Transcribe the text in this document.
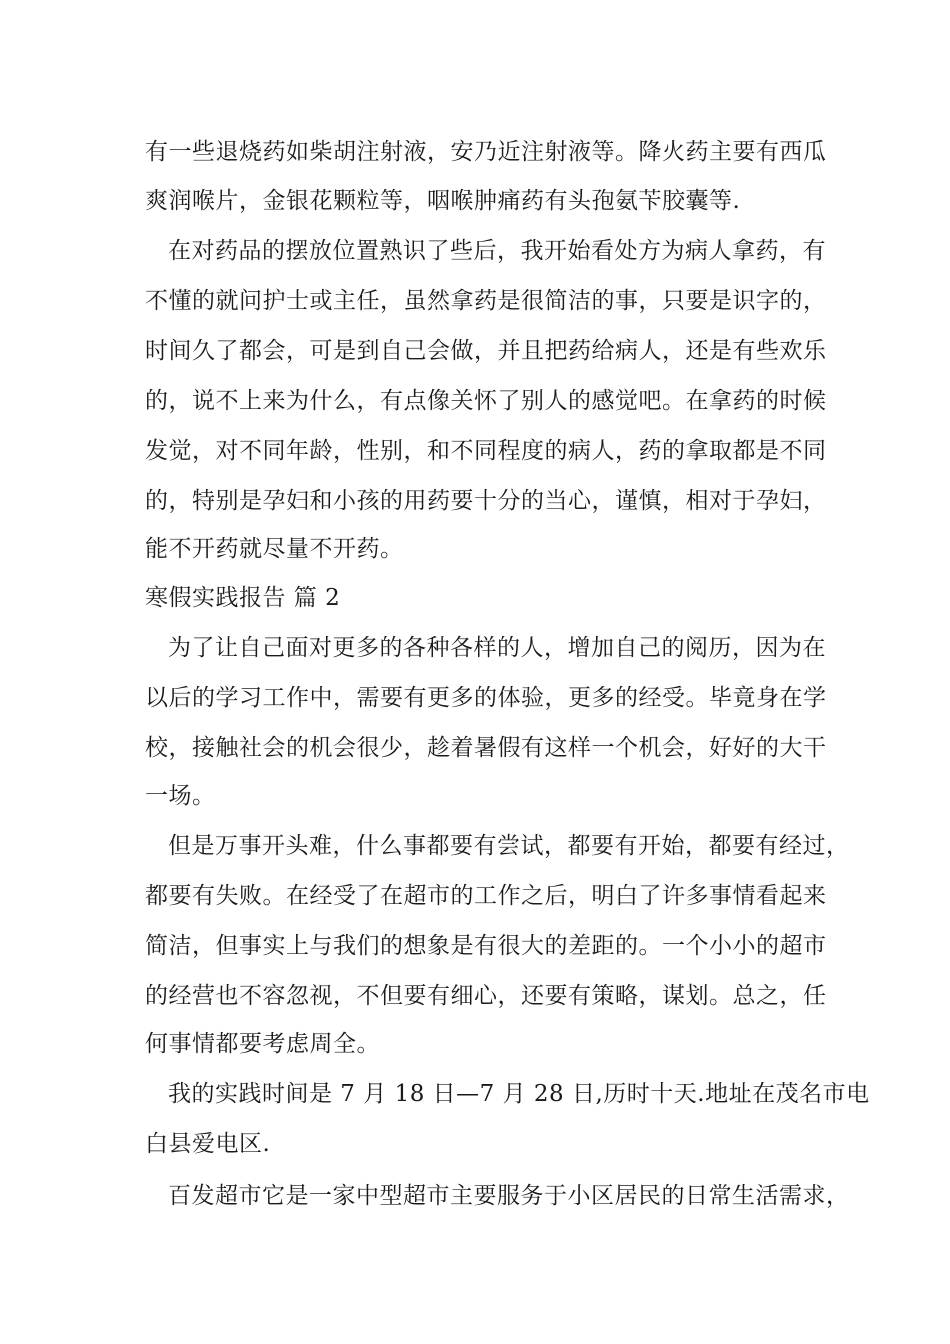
有一些退烧药如柴胡注射液，安乃近注射液等。降火药主要有西瓜
爽润喉片，金银花颗粒等，咽喉肿痛药有头孢氨苄胶囊等.
在对药品的摆放位置熟识了些后，我开始看处方为病人拿药，有
不懂的就问护士或主任，虽然拿药是很简洁的事，只要是识字的，
时间久了都会，可是到自己会做，并且把药给病人，还是有些欢乐
的，说不上来为什么，有点像关怀了别人的感觉吧。在拿药的时候
发觉，对不同年龄，性别，和不同程度的病人，药的拿取都是不同
的，特别是孕妇和小孩的用药要十分的当心，谨慎，相对于孕妇，
能不开药就尽量不开药。
寒假实践报告 篇 2
为了让自己面对更多的各种各样的人，增加自己的阅历，因为在
以后的学习工作中，需要有更多的体验，更多的经受。毕竟身在学
校，接触社会的机会很少，趁着暑假有这样一个机会，好好的大干
一场。
但是万事开头难，什么事都要有尝试，都要有开始，都要有经过，
都要有失败。在经受了在超市的工作之后，明白了许多事情看起来
简洁，但事实上与我们的想象是有很大的差距的。一个小小的超市
的经营也不容忽视，不但要有细心，还要有策略，谋划。总之，任
何事情都要考虑周全。
我的实践时间是 7 月 18 日—7 月 28 日,历时十天.地址在茂名市电
白县爱电区.
百发超市它是一家中型超市主要服务于小区居民的日常生活需求，
